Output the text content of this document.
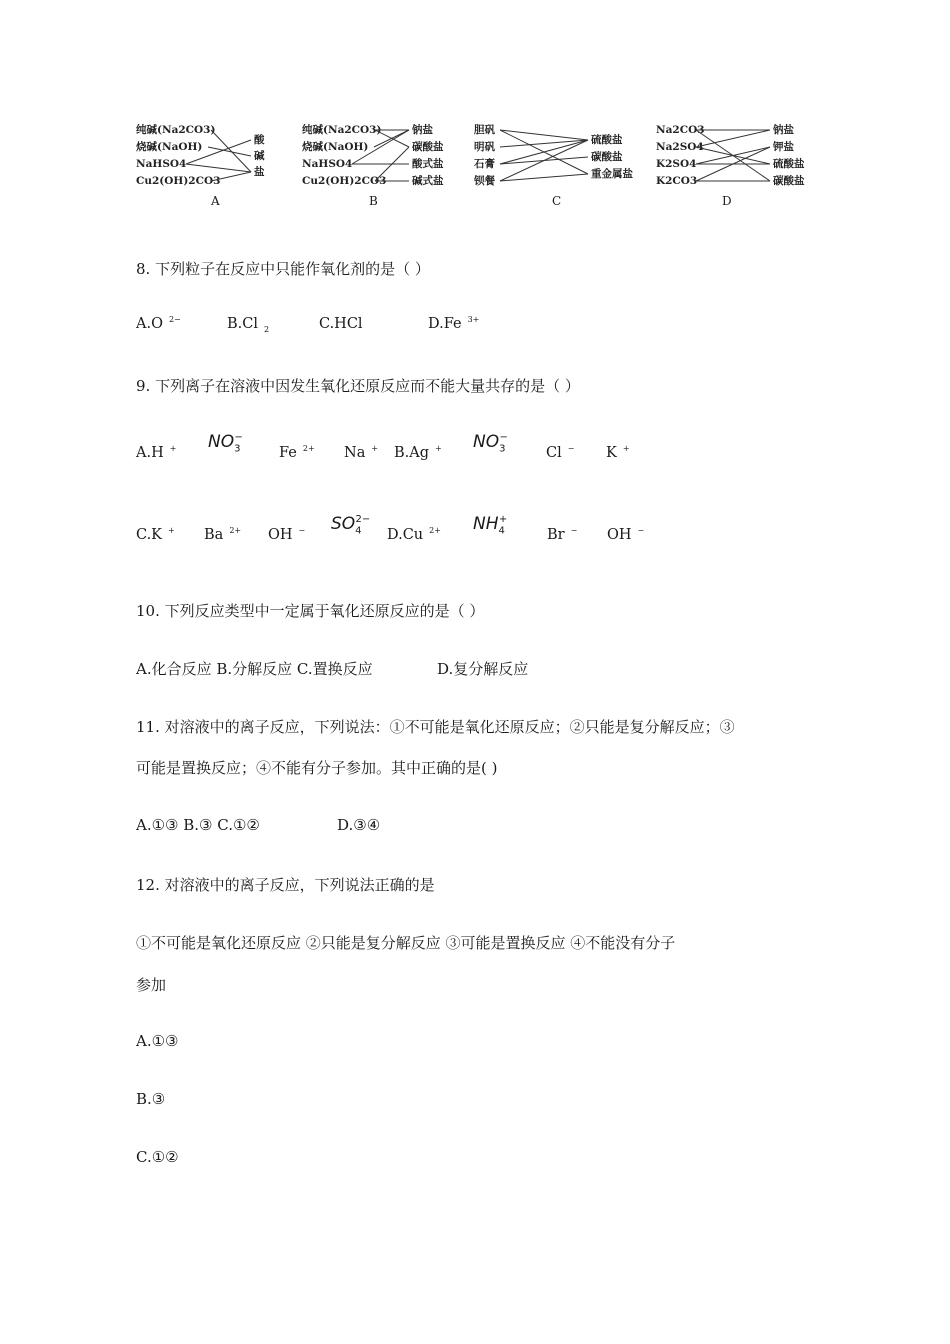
纯碱(Na2CO3)
烧碱(NaOH)
NaHSO4
Cu2(OH)2CO3
酸
碱
盐
A
纯碱(Na2CO3)
烧碱(NaOH)
NaHSO4
Cu2(OH)2CO3
钠盐
碳酸盐
酸式盐
碱式盐
B
胆矾
明矾
石膏
钡餐
硫酸盐
碳酸盐
重金属盐
C
Na2CO3
Na2SO4
K2SO4
K2CO3
钠盐
钾盐
硫酸盐
碳酸盐
D
8. 下列粒子在反应中只能作氧化剂的是（ ）
A.O $^{2-}$	B.Cl $_2$	C.HCl	D.Fe $^{3+}$
9. 下列离子在溶液中因发生氧化还原反应而不能大量共存的是（ ）
A.H + $NO_3^-$
Fe $^{2+}$ Na + B.Ag + $NO_3^-$
Cl − K +
C.K + Ba $^{2+}$ OH − $SO_4^{2-}$
D.Cu $^{2+}$ $NH_4^+$
Br − OH −
10. 下列反应类型中一定属于氧化还原反应的是（ ）
A.化合反应 B.分解反应 C.置换反应	D.复分解反应
11. 对溶液中的离子反应，下列说法：①不可能是氧化还原反应；②只能是复分解反应；③
可能是置换反应；④不能有分子参加。其中正确的是( )
A.①③ B.③ C.①②	D.③④
12. 对溶液中的离子反应，下列说法正确的是
①不可能是氧化还原反应 ②只能是复分解反应 ③可能是置换反应 ④不能没有分子
参加
A.①③
B.③
C.①②
